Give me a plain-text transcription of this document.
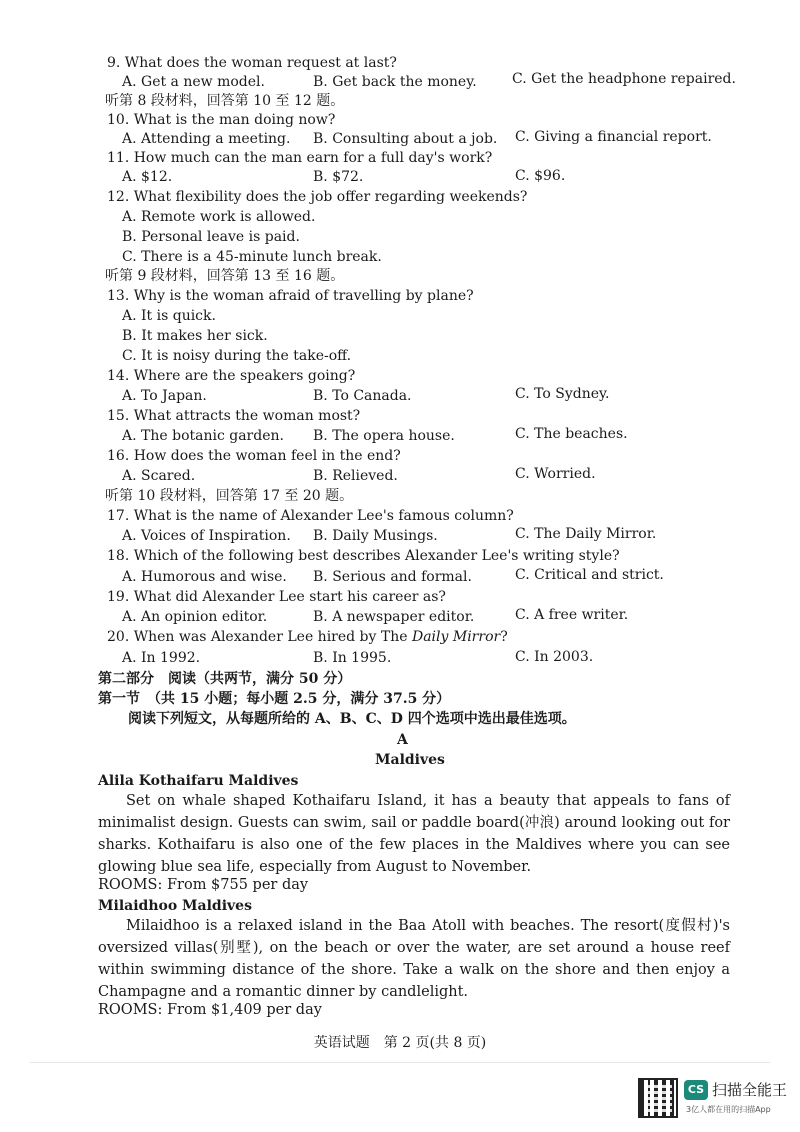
9. What does the woman request at last?
A. Get a new model.	B. Get back the money.	C. Get the headphone repaired.
听第 8 段材料，回答第 10 至 12 题。
10. What is the man doing now?
A. Attending a meeting. B. Consulting about a job. C. Giving a financial report.
11. How much can the man earn for a full day's work?
A. $12.	B. $72.	C. $96.
12. What flexibility does the job offer regarding weekends?
A. Remote work is allowed.
B. Personal leave is paid.
C. There is a 45-minute lunch break.
听第 9 段材料，回答第 13 至 16 题。
13. Why is the woman afraid of travelling by plane?
A. It is quick.
B. It makes her sick.
C. It is noisy during the take-off.
14. Where are the speakers going?
A. To Japan.	B. To Canada.	C. To Sydney.
15. What attracts the woman most?
A. The botanic garden. B. The opera house.	C. The beaches.
16. How does the woman feel in the end?
A. Scared.	B. Relieved.	C. Worried.
听第 10 段材料，回答第 17 至 20 题。
17. What is the name of Alexander Lee's famous column?
A. Voices of Inspiration. B. Daily Musings.	C. The Daily Mirror.
18. Which of the following best describes Alexander Lee's writing style?
A. Humorous and wise. B. Serious and formal.	C. Critical and strict.
19. What did Alexander Lee start his career as?
A. An opinion editor.	B. A newspaper editor.	C. A free writer.
20. When was Alexander Lee hired by The Daily Mirror?
A. In 1992.	B. In 1995.	C. In 2003.
第二部分　阅读（共两节，满分 50 分）
第一节　（共 15 小题；每小题 2.5 分，满分 37.5 分）
阅读下列短文，从每题所给的 A、B、C、D 四个选项中选出最佳选项。
A
Maldives
Alila Kothaifaru Maldives
Set on whale shaped Kothaifaru Island, it has a beauty that appeals to fans of minimalist design. Guests can swim, sail or paddle board(冲浪) around looking out for sharks. Kothaifaru is also one of the few places in the Maldives where you can see glowing blue sea life, especially from August to November.
ROOMS: From $755 per day
Milaidhoo Maldives
Milaidhoo is a relaxed island in the Baa Atoll with beaches. The resort(度假村)'s oversized villas(别墅), on the beach or over the water, are set around a house reef within swimming distance of the shore. Take a walk on the shore and then enjoy a Champagne and a romantic dinner by candlelight.
ROOMS: From $1,409 per day
英语试题　第 2 页(共 8 页)
CS 扫描全能王
3亿人都在用的扫描App
